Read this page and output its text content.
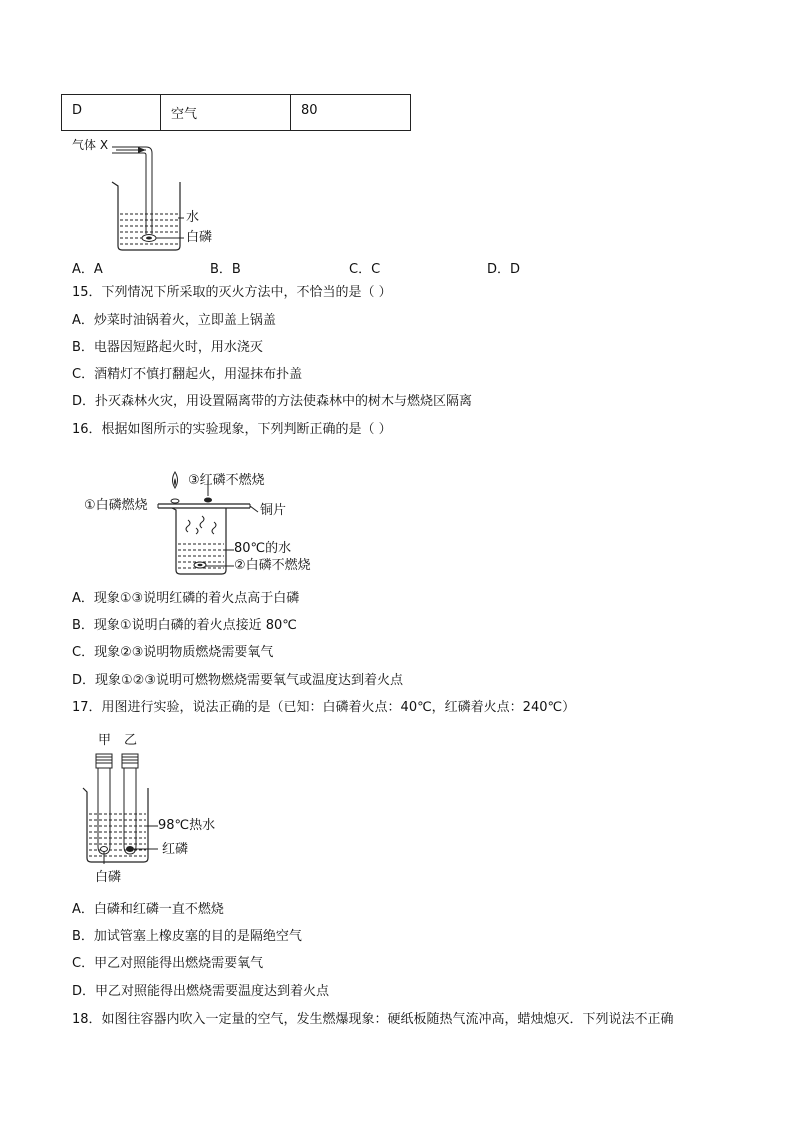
D	空气	80
气体 X
水
白磷
A．A	B．B	C．C	D．D
15．下列情况下所采取的灭火方法中，不恰当的是（ ）
A．炒菜时油锅着火，立即盖上锅盖
B．电器因短路起火时，用水浇灭
C．酒精灯不慎打翻起火，用湿抹布扑盖
D．扑灭森林火灾，用设置隔离带的方法使森林中的树木与燃烧区隔离
16．根据如图所示的实验现象，下列判断正确的是（ ）
①白磷燃烧
③红磷不燃烧
铜片
80℃的水
②白磷不燃烧
A．现象①③说明红磷的着火点高于白磷
B．现象①说明白磷的着火点接近 80℃
C．现象②③说明物质燃烧需要氧气
D．现象①②③说明可燃物燃烧需要氧气或温度达到着火点
17．用图进行实验，说法正确的是（已知：白磷着火点：40℃，红磷着火点：240℃）
甲 乙
98℃热水
红磷
白磷
A．白磷和红磷一直不燃烧
B．加试管塞上橡皮塞的目的是隔绝空气
C．甲乙对照能得出燃烧需要氧气
D．甲乙对照能得出燃烧需要温度达到着火点
18．如图往容器内吹入一定量的空气，发生燃爆现象：硬纸板随热气流冲高，蜡烛熄灭．下列说法不正确
